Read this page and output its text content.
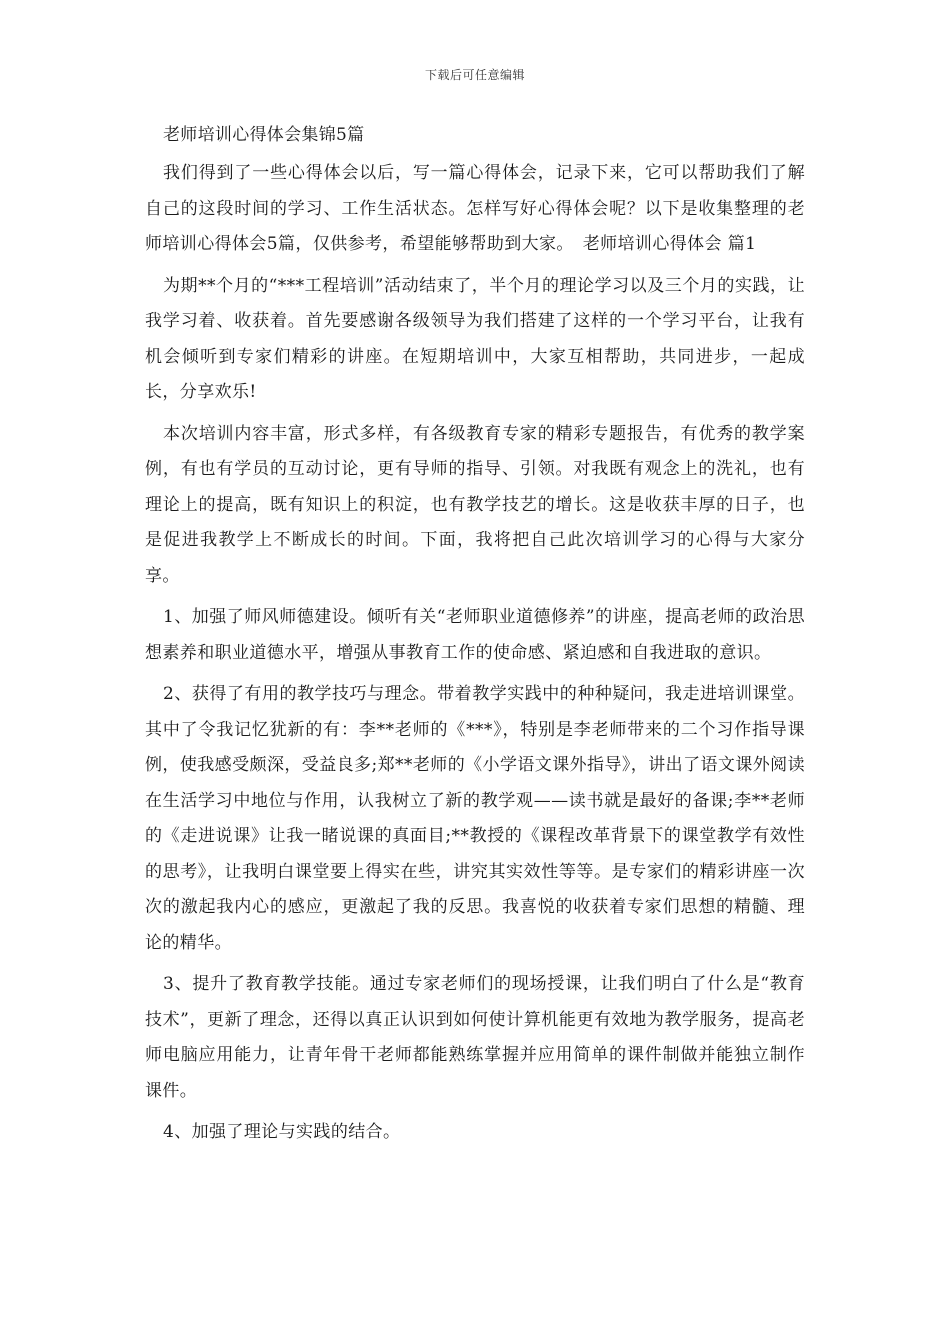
下载后可任意编辑
老师培训心得体会集锦5篇

我们得到了一些心得体会以后，写一篇心得体会，记录下来，它可以帮助我们了解自己的这段时间的学习、工作生活状态。怎样写好心得体会呢？以下是收集整理的老师培训心得体会5篇，仅供参考，希望能够帮助到大家。　老师培训心得体会 篇1

为期**个月的“***工程培训”活动结束了，半个月的理论学习以及三个月的实践，让我学习着、收获着。首先要感谢各级领导为我们搭建了这样的一个学习平台，让我有机会倾听到专家们精彩的讲座。在短期培训中，大家互相帮助，共同进步，一起成长，分享欢乐!

本次培训内容丰富，形式多样，有各级教育专家的精彩专题报告，有优秀的教学案例，有也有学员的互动讨论，更有导师的指导、引领。对我既有观念上的洗礼，也有理论上的提高，既有知识上的积淀，也有教学技艺的增长。这是收获丰厚的日子，也是促进我教学上不断成长的时间。下面，我将把自己此次培训学习的心得与大家分享。

1、加强了师风师德建设。倾听有关“老师职业道德修养”的讲座，提高老师的政治思想素养和职业道德水平，增强从事教育工作的使命感、紧迫感和自我进取的意识。

2、获得了有用的教学技巧与理念。带着教学实践中的种种疑问，我走进培训课堂。其中了令我记忆犹新的有：李**老师的《***》，特别是李老师带来的二个习作指导课例，使我感受颇深，受益良多;郑**老师的《小学语文课外指导》，讲出了语文课外阅读在生活学习中地位与作用，认我树立了新的教学观——读书就是最好的备课;李**老师的《走进说课》让我一睹说课的真面目;**教授的《课程改革背景下的课堂教学有效性的思考》，让我明白课堂要上得实在些，讲究其实效性等等。是专家们的精彩讲座一次次的激起我内心的感应，更激起了我的反思。我喜悦的收获着专家们思想的精髓、理论的精华。

3、提升了教育教学技能。通过专家老师们的现场授课，让我们明白了什么是“教育技术”，更新了理念，还得以真正认识到如何使计算机能更有效地为教学服务，提高老师电脑应用能力，让青年骨干老师都能熟练掌握并应用简单的课件制做并能独立制作课件。

4、加强了理论与实践的结合。
